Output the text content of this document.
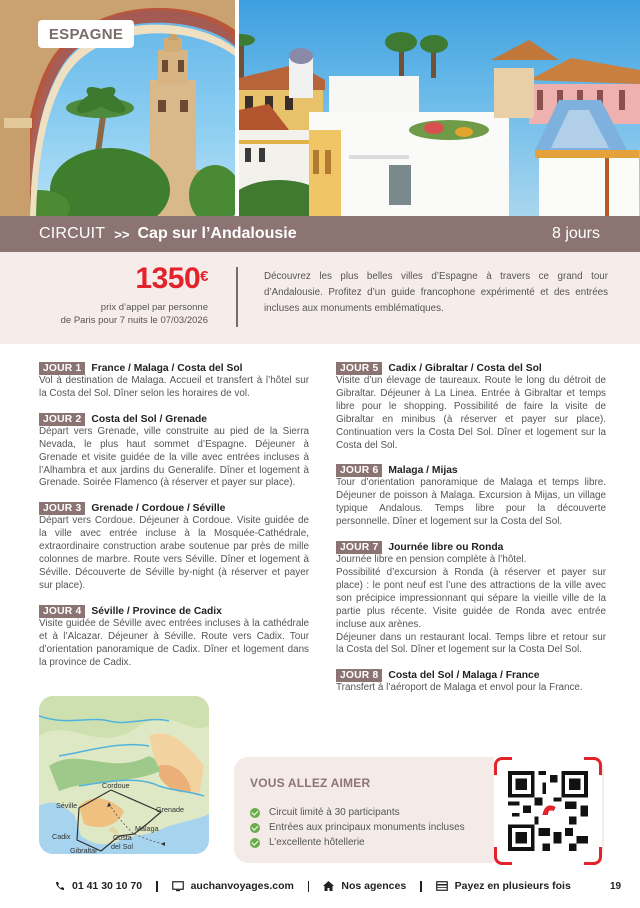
ESPAGNE
CIRCUIT >> Cap sur l’Andalousie	8 jours
1350€
prix d’appel par personne
de Paris pour 7 nuits le 07/03/2026
Découvrez les plus belles villes d’Espagne à travers ce grand tour d’Andalousie. Profitez d’un guide francophone expérimenté et des entrées incluses aux monuments emblématiques.
JOUR 1 France / Malaga / Costa del Sol

Vol à destination de Malaga. Accueil et transfert à l’hôtel sur la Costa del Sol. Dîner selon les horaires de vol.

JOUR 2 Costa del Sol / Grenade

Départ vers Grenade, ville construite au pied de la Sierra Nevada, le plus haut sommet d’Espagne. Déjeuner à Grenade et visite guidée de la ville avec entrées incluses à l’Alhambra et aux jardins du Generalife. Dîner et logement à Grenade. Soirée Flamenco (à réserver et payer sur place).

JOUR 3 Grenade / Cordoue / Séville

Départ vers Cordoue. Déjeuner à Cordoue. Visite guidée de la ville avec entrée incluse à la Mosquée-Cathédrale, extraordinaire construction arabe soutenue par près de mille colonnes de marbre. Route vers Séville. Dîner et logement à Séville. Découverte de Séville by-night (à réserver et payer sur place).

JOUR 4 Séville / Province de Cadix

Visite guidée de Séville avec entrées incluses à la cathédrale et à l’Alcazar. Déjeuner à Séville. Route vers Cadix. Tour d’orientation panoramique de Cadix. Dîner et logement dans la province de Cadix.

JOUR 5 Cadix / Gibraltar / Costa del Sol

Visite d’un élevage de taureaux. Route le long du détroit de Gibraltar. Déjeuner à La Linea. Entrée à Gibraltar et temps libre pour le shopping. Possibilité de faire la visite de Gibraltar en minibus (à réserver et payer sur place). Continuation vers la Costa Del Sol. Dîner et logement sur la Costa del Sol.

JOUR 6 Malaga / Mijas

Tour d’orientation panoramique de Malaga et temps libre. Déjeuner de poisson à Malaga. Excursion à Mijas, un village typique Andalous. Temps libre pour la découverte personnelle. Dîner et logement sur la Costa del Sol.

JOUR 7 Journée libre ou Ronda

Journée libre en pension complète à l’hôtel.

Possibilité d’excursion à Ronda (à réserver et payer sur place) : le pont neuf est l’une des attractions de la ville avec son précipice impressionnant qui sépare la vieille ville de la partie plus récente. Visite guidée de Ronda avec entrée incluse aux arènes.

Déjeuner dans un restaurant local. Temps libre et retour sur la Costa del Sol. Dîner et logement sur la Costa Del Sol.

JOUR 8 Costa del Sol / Malaga / France

Transfert à l’aéroport de Malaga et envol pour la France.

Cordoue
Séville	Grenade
Cadix
Malaga
Costa
del Sol
Gibraltar
VOUS ALLEZ AIMER
Circuit limité à 30 participants
Entrées aux principaux monuments incluses
L’excellente hôtellerie
01 41 30 10 70	auchanvoyages.com	Nos agences	Payez en plusieurs fois	19
